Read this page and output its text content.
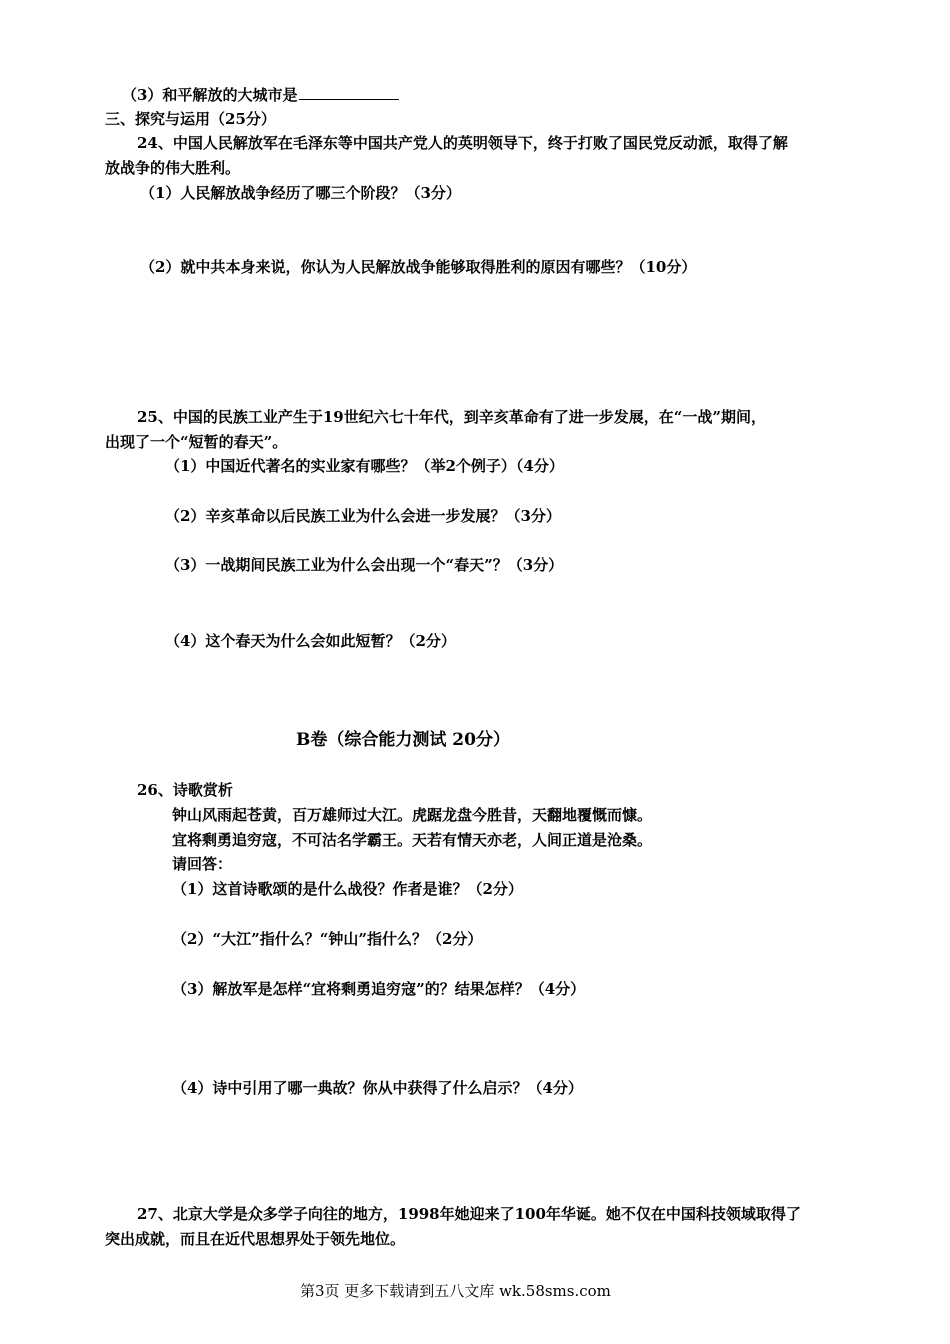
（3）和平解放的大城市是
三、探究与运用（25分）
24、中国人民解放军在毛泽东等中国共产党人的英明领导下，终于打败了国民党反动派，取得了解
放战争的伟大胜利。
（1）人民解放战争经历了哪三个阶段？（3分）
（2）就中共本身来说，你认为人民解放战争能够取得胜利的原因有哪些？（10分）
25、中国的民族工业产生于19世纪六七十年代，到辛亥革命有了进一步发展，在“一战”期间，
出现了一个“短暂的春天”。
（1）中国近代著名的实业家有哪些？（举2个例子）（4分）
（2）辛亥革命以后民族工业为什么会进一步发展？（3分）
（3）一战期间民族工业为什么会出现一个“春天”？（3分）
（4）这个春天为什么会如此短暂？（2分）
B卷（综合能力测试 20分）
26、诗歌赏析
钟山风雨起苍黄，百万雄师过大江。虎踞龙盘今胜昔，天翻地覆慨而慷。
宜将剩勇追穷寇，不可沽名学霸王。天若有情天亦老，人间正道是沧桑。
请回答：
（1）这首诗歌颂的是什么战役？作者是谁？（2分）
（2）“大江”指什么？“钟山”指什么？（2分）
（3）解放军是怎样“宜将剩勇追穷寇”的？结果怎样？（4分）
（4）诗中引用了哪一典故？你从中获得了什么启示？（4分）
27、北京大学是众多学子向往的地方，1998年她迎来了100年华诞。她不仅在中国科技领域取得了
突出成就，而且在近代思想界处于领先地位。
第3页 更多下载请到五八文库 wk.58sms.com
